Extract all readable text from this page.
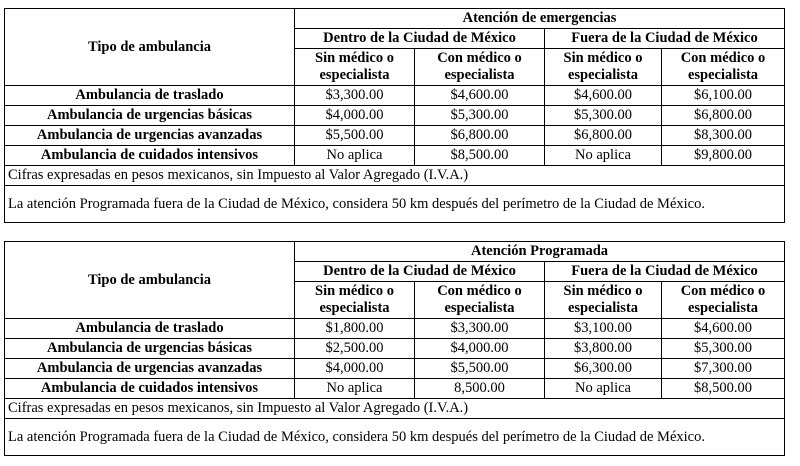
Tipo de ambulancia	Atención de emergencias			
	Dentro de la Ciudad de México		Fuera de la Ciudad de México	
	Sin médico o especialista	Con médico o especialista	Sin médico o especialista	Con médico o especialista
Ambulancia de traslado	$3,300.00	$4,600.00	$4,600.00	$6,100.00
Ambulancia de urgencias básicas	$4,000.00	$5,300.00	$5,300.00	$6,800.00
Ambulancia de urgencias avanzadas	$5,500.00	$6,800.00	$6,800.00	$8,300.00
Ambulancia de cuidados intensivos	No aplica	$8,500.00	No aplica	$9,800.00
Cifras expresadas en pesos mexicanos, sin Impuesto al Valor Agregado (I.V.A.)				
La atención Programada fuera de la Ciudad de México, considera 50 km después del perímetro de la Ciudad de México.				
Tipo de ambulancia	Atención Programada			
	Dentro de la Ciudad de México		Fuera de la Ciudad de México	
	Sin médico o especialista	Con médico o especialista	Sin médico o especialista	Con médico o especialista
Ambulancia de traslado	$1,800.00	$3,300.00	$3,100.00	$4,600.00
Ambulancia de urgencias básicas	$2,500.00	$4,000.00	$3,800.00	$5,300.00
Ambulancia de urgencias avanzadas	$4,000.00	$5,500.00	$6,300.00	$7,300.00
Ambulancia de cuidados intensivos	No aplica	8,500.00	No aplica	$8,500.00
Cifras expresadas en pesos mexicanos, sin Impuesto al Valor Agregado (I.V.A.)				
La atención Programada fuera de la Ciudad de México, considera 50 km después del perímetro de la Ciudad de México.				
